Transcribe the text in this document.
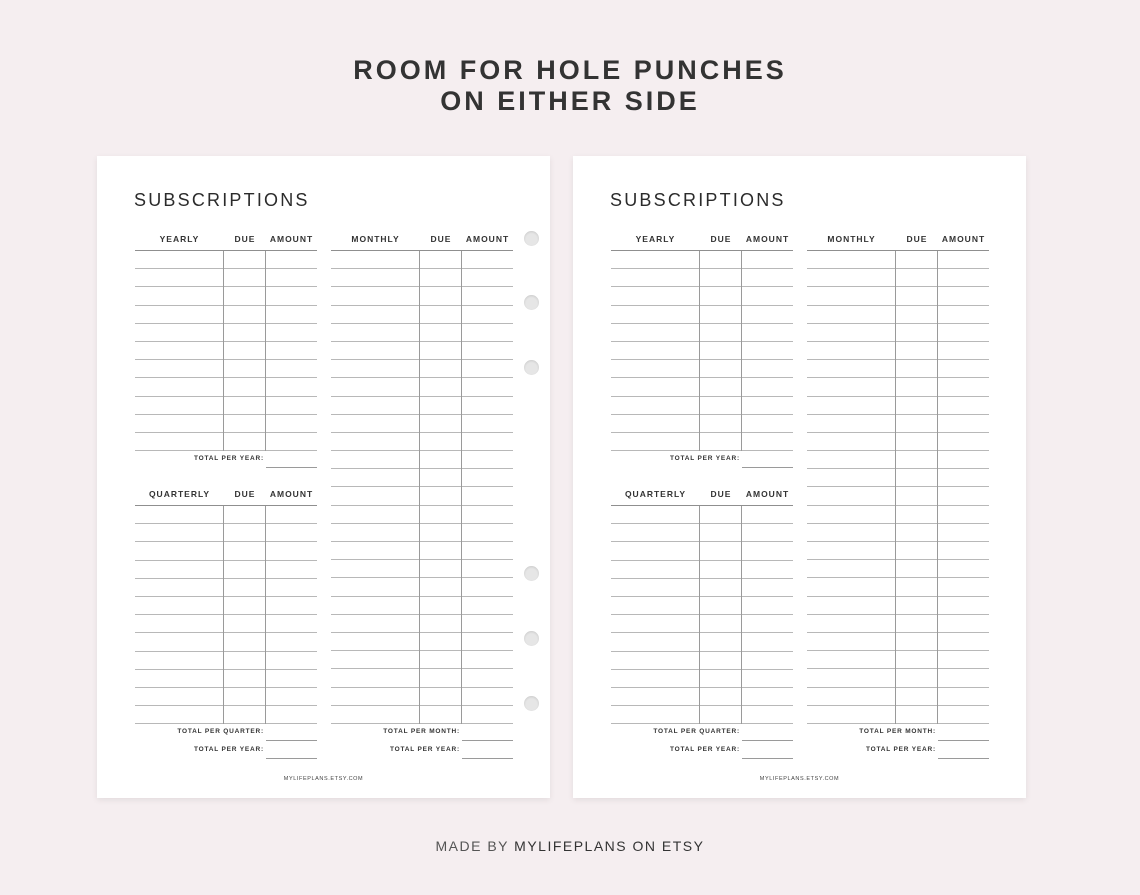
ROOM FOR HOLE PUNCHES
ON EITHER SIDE
SUBSCRIPTIONS
YEARLY	DUE	AMOUNT
TOTAL PER YEAR:
QUARTERLY	DUE	AMOUNT
TOTAL PER QUARTER:
TOTAL PER YEAR:
MONTHLY	DUE	AMOUNT
TOTAL PER MONTH:
TOTAL PER YEAR:
MYLIFEPLANS.ETSY.COM
SUBSCRIPTIONS
YEARLY	DUE	AMOUNT
TOTAL PER YEAR:
QUARTERLY	DUE	AMOUNT
TOTAL PER QUARTER:
TOTAL PER YEAR:
MONTHLY	DUE	AMOUNT
TOTAL PER MONTH:
TOTAL PER YEAR:
MYLIFEPLANS.ETSY.COM
MADE BY MYLIFEPLANS ON ETSY
